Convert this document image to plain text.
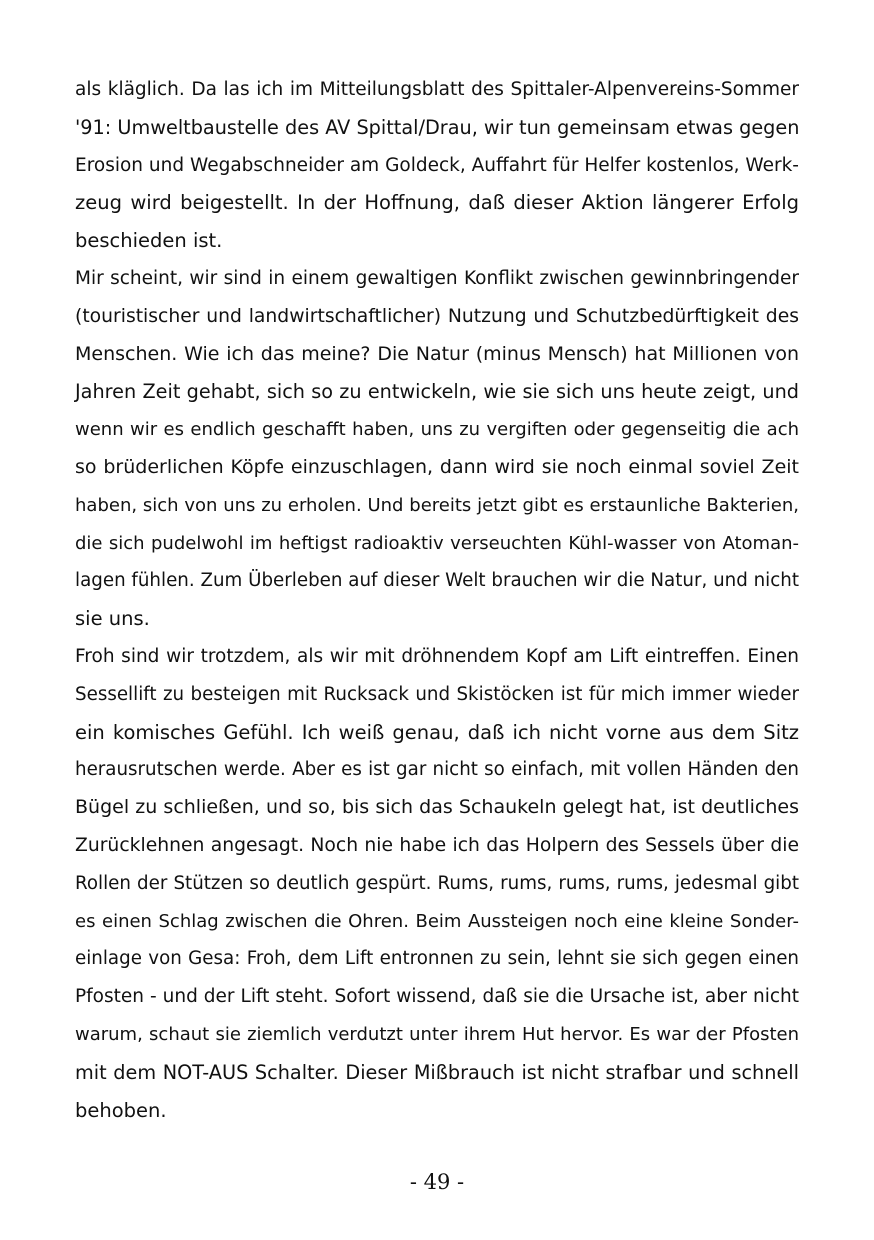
als kläglich. Da las ich im Mitteilungsblatt des Spittaler-Alpenvereins-Sommer
'91: Umweltbaustelle des AV Spittal/Drau, wir tun gemeinsam etwas gegen
Erosion und Wegabschneider am Goldeck, Auffahrt für Helfer kostenlos, Werk-
zeug wird beigestellt. In der Hoffnung, daß dieser Aktion längerer Erfolg
beschieden ist.
Mir scheint, wir sind in einem gewaltigen Konflikt zwischen gewinnbringender
(touristischer und landwirtschaftlicher) Nutzung und Schutzbedürftigkeit des
Menschen. Wie ich das meine? Die Natur (minus Mensch) hat Millionen von
Jahren Zeit gehabt, sich so zu entwickeln, wie sie sich uns heute zeigt, und
wenn wir es endlich geschafft haben, uns zu vergiften oder gegenseitig die ach
so brüderlichen Köpfe einzuschlagen, dann wird sie noch einmal soviel Zeit
haben, sich von uns zu erholen. Und bereits jetzt gibt es erstaunliche Bakterien,
die sich pudelwohl im heftigst radioaktiv verseuchten Kühl-wasser von Atoman-
lagen fühlen. Zum Überleben auf dieser Welt brauchen wir die Natur, und nicht
sie uns.
Froh sind wir trotzdem, als wir mit dröhnendem Kopf am Lift eintreffen. Einen
Sessellift zu besteigen mit Rucksack und Skistöcken ist für mich immer wieder
ein komisches Gefühl. Ich weiß genau, daß ich nicht vorne aus dem Sitz
herausrutschen werde. Aber es ist gar nicht so einfach, mit vollen Händen den
Bügel zu schließen, und so, bis sich das Schaukeln gelegt hat, ist deutliches
Zurücklehnen angesagt. Noch nie habe ich das Holpern des Sessels über die
Rollen der Stützen so deutlich gespürt. Rums, rums, rums, rums, jedesmal gibt
es einen Schlag zwischen die Ohren. Beim Aussteigen noch eine kleine Sonder-
einlage von Gesa: Froh, dem Lift entronnen zu sein, lehnt sie sich gegen einen
Pfosten - und der Lift steht. Sofort wissend, daß sie die Ursache ist, aber nicht
warum, schaut sie ziemlich verdutzt unter ihrem Hut hervor. Es war der Pfosten
mit dem NOT-AUS Schalter. Dieser Mißbrauch ist nicht strafbar und schnell
behoben.
- 49 -
